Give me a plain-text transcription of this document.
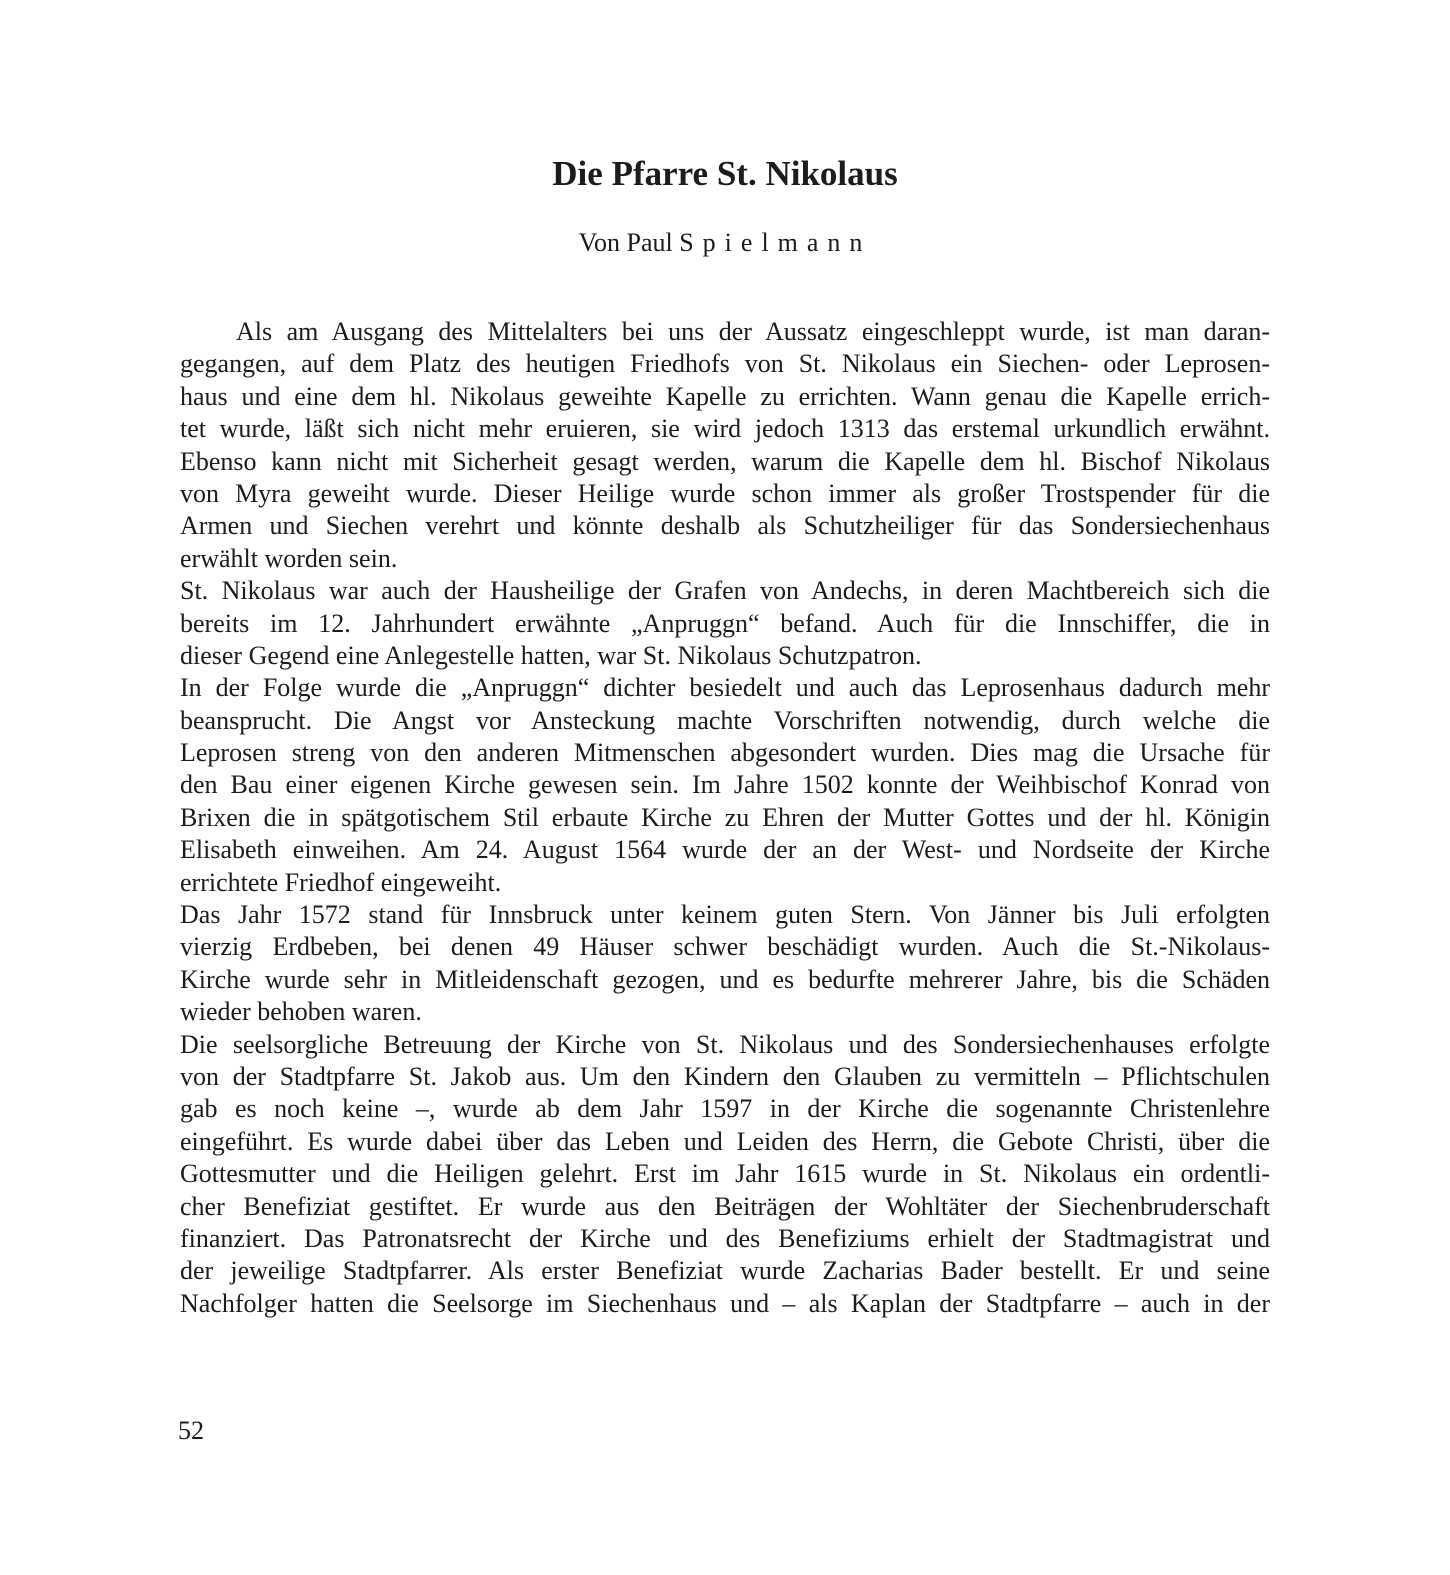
Die Pfarre St. Nikolaus
Von Paul Spielmann
Als am Ausgang des Mittelalters bei uns der Aussatz eingeschleppt wurde, ist man daran-
gegangen, auf dem Platz des heutigen Friedhofs von St. Nikolaus ein Siechen- oder Leprosen-
haus und eine dem hl. Nikolaus geweihte Kapelle zu errichten. Wann genau die Kapelle errich-
tet wurde, läßt sich nicht mehr eruieren, sie wird jedoch 1313 das erstemal urkundlich erwähnt.
Ebenso kann nicht mit Sicherheit gesagt werden, warum die Kapelle dem hl. Bischof Nikolaus
von Myra geweiht wurde. Dieser Heilige wurde schon immer als großer Trostspender für die
Armen und Siechen verehrt und könnte deshalb als Schutzheiliger für das Sondersiechenhaus
erwählt worden sein.
St. Nikolaus war auch der Hausheilige der Grafen von Andechs, in deren Machtbereich sich die
bereits im 12. Jahrhundert erwähnte „Anpruggn“ befand. Auch für die Innschiffer, die in
dieser Gegend eine Anlegestelle hatten, war St. Nikolaus Schutzpatron.
In der Folge wurde die „Anpruggn“ dichter besiedelt und auch das Leprosenhaus dadurch mehr
beansprucht. Die Angst vor Ansteckung machte Vorschriften notwendig, durch welche die
Leprosen streng von den anderen Mitmenschen abgesondert wurden. Dies mag die Ursache für
den Bau einer eigenen Kirche gewesen sein. Im Jahre 1502 konnte der Weihbischof Konrad von
Brixen die in spätgotischem Stil erbaute Kirche zu Ehren der Mutter Gottes und der hl. Königin
Elisabeth einweihen. Am 24. August 1564 wurde der an der West- und Nordseite der Kirche
errichtete Friedhof eingeweiht.
Das Jahr 1572 stand für Innsbruck unter keinem guten Stern. Von Jänner bis Juli erfolgten
vierzig Erdbeben, bei denen 49 Häuser schwer beschädigt wurden. Auch die St.-Nikolaus-
Kirche wurde sehr in Mitleidenschaft gezogen, und es bedurfte mehrerer Jahre, bis die Schäden
wieder behoben waren.
Die seelsorgliche Betreuung der Kirche von St. Nikolaus und des Sondersiechenhauses erfolgte
von der Stadtpfarre St. Jakob aus. Um den Kindern den Glauben zu vermitteln – Pflichtschulen
gab es noch keine –, wurde ab dem Jahr 1597 in der Kirche die sogenannte Christenlehre
eingeführt. Es wurde dabei über das Leben und Leiden des Herrn, die Gebote Christi, über die
Gottesmutter und die Heiligen gelehrt. Erst im Jahr 1615 wurde in St. Nikolaus ein ordentli-
cher Benefiziat gestiftet. Er wurde aus den Beiträgen der Wohltäter der Siechenbruderschaft
finanziert. Das Patronatsrecht der Kirche und des Benefiziums erhielt der Stadtmagistrat und
der jeweilige Stadtpfarrer. Als erster Benefiziat wurde Zacharias Bader bestellt. Er und seine
Nachfolger hatten die Seelsorge im Siechenhaus und – als Kaplan der Stadtpfarre – auch in der
52
